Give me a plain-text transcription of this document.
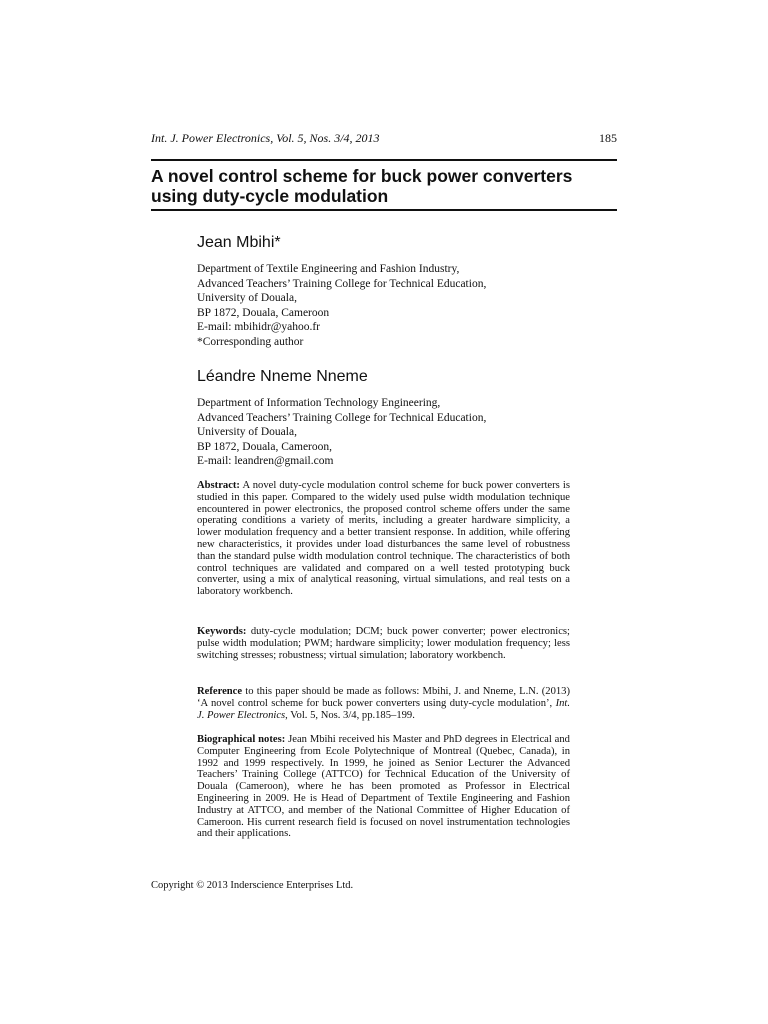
Int. J. Power Electronics, Vol. 5, Nos. 3/4, 2013	185
A novel control scheme for buck power converters
using duty-cycle modulation
Jean Mbihi*
Department of Textile Engineering and Fashion Industry,
Advanced Teachers’ Training College for Technical Education,
University of Douala,
BP 1872, Douala, Cameroon
E-mail: mbihidr@yahoo.fr
*Corresponding author
Léandre Nneme Nneme
Department of Information Technology Engineering,
Advanced Teachers’ Training College for Technical Education,
University of Douala,
BP 1872, Douala, Cameroon,
E-mail: leandren@gmail.com
Abstract: A novel duty-cycle modulation control scheme for buck power converters is studied in this paper. Compared to the widely used pulse width modulation technique encountered in power electronics, the proposed control scheme offers under the same operating conditions a variety of merits, including a greater hardware simplicity, a lower modulation frequency and a better transient response. In addition, while offering new characteristics, it provides under load disturbances the same level of robustness than the standard pulse width modulation control technique. The characteristics of both control techniques are validated and compared on a well tested prototyping buck converter, using a mix of analytical reasoning, virtual simulations, and real tests on a laboratory workbench.
Keywords: duty-cycle modulation; DCM; buck power converter; power electronics; pulse width modulation; PWM; hardware simplicity; lower modulation frequency; less switching stresses; robustness; virtual simulation; laboratory workbench.
Reference to this paper should be made as follows: Mbihi, J. and Nneme, L.N. (2013) ‘A novel control scheme for buck power converters using duty-cycle modulation’, Int. J. Power Electronics, Vol. 5, Nos. 3/4, pp.185–199.
Biographical notes: Jean Mbihi received his Master and PhD degrees in Electrical and Computer Engineering from Ecole Polytechnique of Montreal (Quebec, Canada), in 1992 and 1999 respectively. In 1999, he joined as Senior Lecturer the Advanced Teachers’ Training College (ATTCO) for Technical Education of the University of Douala (Cameroon), where he has been promoted as Professor in Electrical Engineering in 2009. He is Head of Department of Textile Engineering and Fashion Industry at ATTCO, and member of the National Committee of Higher Education of Cameroon. His current research field is focused on novel instrumentation technologies and their applications.
Copyright © 2013 Inderscience Enterprises Ltd.
